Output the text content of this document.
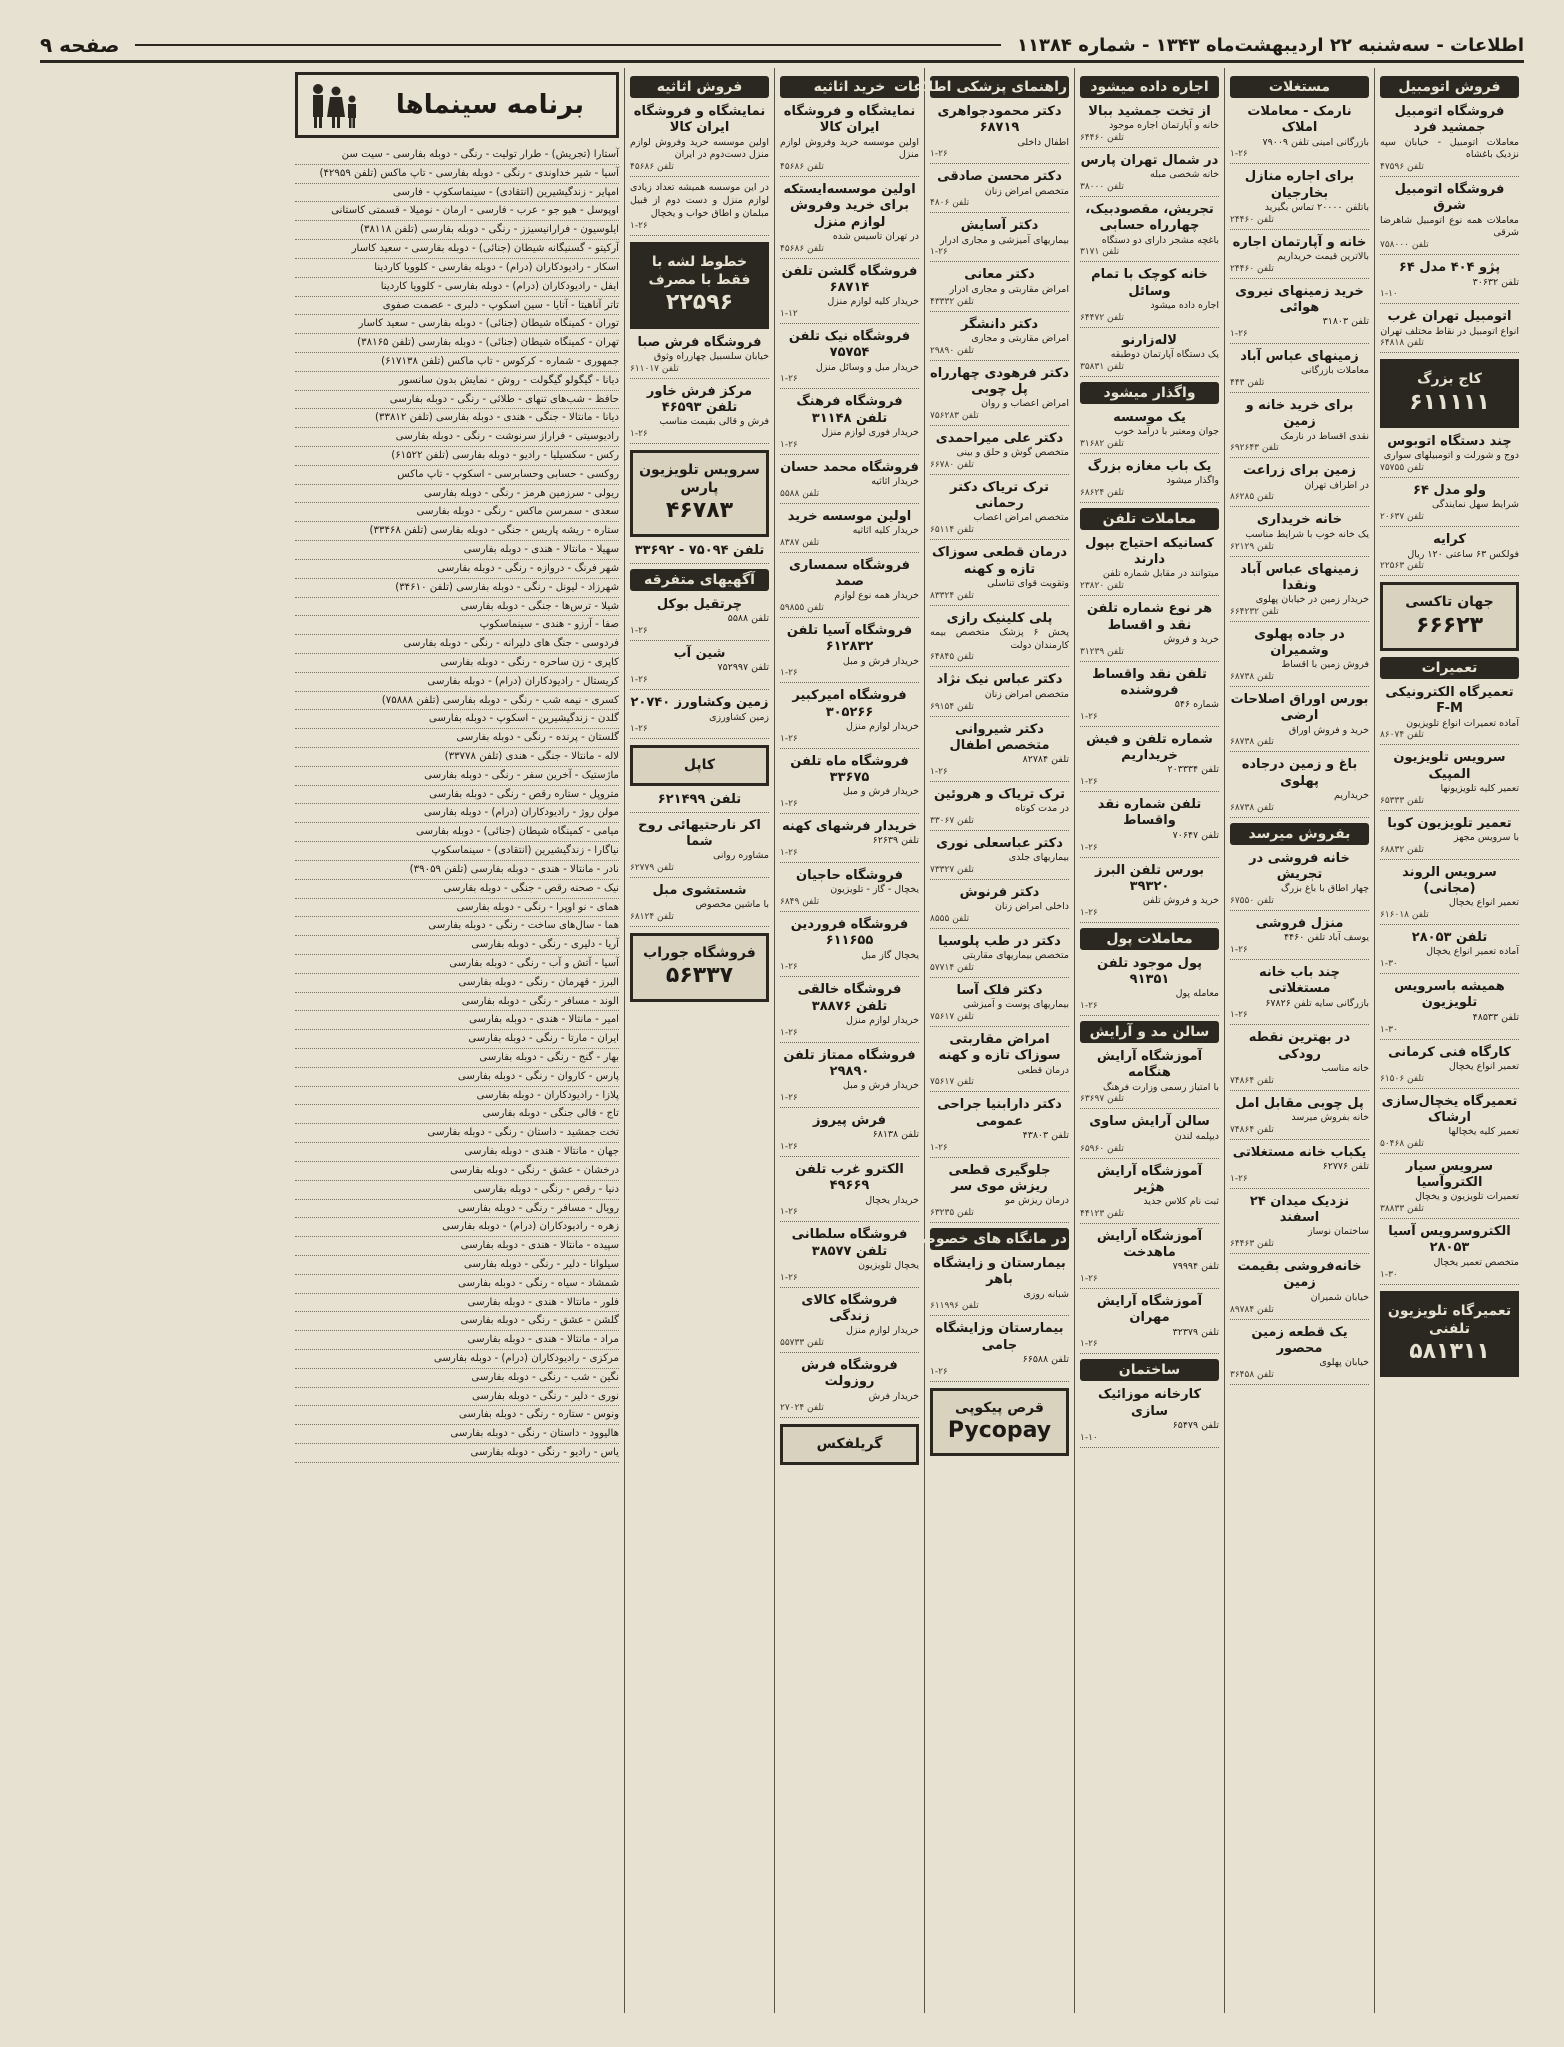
اطلاعات - سه‌شنبه ۲۲ اردیبهشت‌ماه ۱۳۴۳ - شماره ۱۱۳۸۴
صفحه ۹
فروش اتومبیل
فروشگاه اتومبیل جمشید فرد
معاملات اتومبیل - خیابان سپه نزدیک باغشاه
تلفن ۴۷۵۹۶
فروشگاه اتومبیل شرق
معاملات همه نوع اتومبیل شاهرضا شرقی
تلفن ۷۵۸۰۰۰
پژو ۴۰۴ مدل ۶۴
تلفن ۳۰۶۳۲
۱-۱۰
اتومبیل تهران غرب
انواع اتومبیل در نقاط مختلف تهران
تلفن ۶۴۸۱۸
کاج بزرگ
۶۱۱۱۱۱
چند دستگاه اتوبوس
دوج و شورلت و اتومبیلهای سواری
تلفن ۷۵۷۵۵
ولو مدل ۶۴
شرایط سهل نمایندگی
تلفن ۲۰۶۳۷
کرایه
فولکس ۶۳ ساعتی ۱۲۰ ریال
تلفن ۲۲۵۶۳
جهان تاکسی
۶۶۶۲۳
تعمیرات
تعمیرگاه الکترونیکی F-M
آماده تعمیرات انواع تلویزیون
تلفن ۸۶۰۷۴
سرویس تلویزیون المپیک
تعمیر کلیه تلویزیونها
تلفن ۶۵۳۳۳
تعمیر تلویزیون کوبا
با سرویس مجهز
تلفن ۶۸۸۳۲
سرویس الروند (مجانی)
تعمیر انواع یخچال
تلفن ۶۱۶۰۱۸
تلفن ۲۸۰۵۳
آماده تعمیر انواع یخچال
۱-۳۰
همیشه باسرویس تلویزیون
تلفن ۴۸۵۳۳
۱-۳۰
کارگاه فنی کرمانی
تعمیر انواع یخچال
تلفن ۶۱۵۰۶
تعمیرگاه یخچال‌سازی ارشاک
تعمیر کلیه یخچالها
تلفن ۵۰۴۶۸
سرویس سیار الکتروآسیا
تعمیرات تلویزیون و یخچال
تلفن ۳۸۸۳۳
الکتروسرویس آسیا ۲۸۰۵۳
متخصص تعمیر یخچال
۱-۳۰
تعمیرگاه تلویزیون تلفنی
۵۸۱۳۱۱
مستغلات
نارمک - معاملات املاک
بازرگانی امینی تلفن ۷۹۰۰۹
۱-۲۶
برای اجاره منازل بخارجیان
باتلفن ۲۰۰۰۰ تماس بگیرید
تلفن ۲۴۴۶۰
خانه و آپارتمان اجاره
بالاترین قیمت خریداریم
تلفن ۲۴۴۶۰
خرید زمینهای نیروی هوائی
تلفن ۳۱۸۰۳
۱-۲۶
زمینهای عباس آباد
معاملات بازرگانی
تلفن ۴۴۳
برای خرید خانه و زمین
نقدی اقساط در نارمک
تلفن ۶۹۲۶۴۳
زمین برای زراعت
در اطراف تهران
تلفن ۸۶۲۸۵
خانه خریداری
یک خانه خوب با شرایط مناسب
تلفن ۶۲۱۲۹
زمینهای عباس آباد ونقدا
خریدار زمین در خیابان پهلوی
تلفن ۶۶۴۲۳۲
در جاده پهلوی وشمیران
فروش زمین با اقساط
تلفن ۶۸۷۳۸
بورس اوراق اصلاحات ارضی
خرید و فروش اوراق
تلفن ۶۸۷۳۸
باغ و زمین درجاده پهلوی
خریداریم
تلفن ۶۸۷۳۸
بفروش میرسد
خانه فروشی در تجریش
چهار اطاق با باغ بزرگ
تلفن ۶۷۵۵۰
منزل فروشی
یوسف آباد تلفن ۴۴۶۰
۱-۲۶
چند باب خانه مستغلاتی
بازرگانی سایه تلفن ۶۷۸۲۶
۱-۲۶
در بهترین نقطه رودکی
خانه مناسب
تلفن ۷۴۸۶۴
پل چوبی مقابل امل
خانه بفروش میرسد
تلفن ۷۴۸۶۴
یکباب خانه مستغلاتی
تلفن ۶۲۷۷۶
۱-۲۶
نزدیک میدان ۲۴ اسفند
ساختمان نوساز
تلفن ۶۴۴۶۳
خانه‌فروشی بقیمت زمین
خیابان شمیران
تلفن ۸۹۷۸۴
یک قطعه زمین محصور
خیابان پهلوی
تلفن ۳۶۴۵۸
اجاره داده میشود
از تخت جمشید ببالا
خانه و آپارتمان اجاره موجود
تلفن ۶۴۴۶۰
در شمال تهران پارس
خانه شخصی مبله
تلفن ۳۸۰۰۰
تجریش، مقصودبیک، چهارراه حسابی
باغچه مشجر دارای دو دستگاه
تلفن ۳۱۷۱
خانه کوچک با تمام وسائل
اجاره داده میشود
تلفن ۶۴۴۷۲
لاله‌زارنو
یک دستگاه آپارتمان دوطبقه
تلفن ۳۵۸۳۱
واگذار میشود
یک موسسه
جوان ومعتبر با درآمد خوب
تلفن ۳۱۶۸۲
یک باب مغازه بزرگ
واگذار میشود
تلفن ۶۸۶۲۴
معاملات تلفن
کسانیکه احتیاج بپول دارند
میتوانند در مقابل شماره تلفن
تلفن ۲۳۸۲۰
هر نوع شماره تلفن نقد و اقساط
خرید و فروش
تلفن ۳۱۲۳۹
تلفن نقد واقساط فروشنده
شماره ۵۴۶
۱-۲۶
شماره تلفن و فیش خریداریم
تلفن ۲۰۳۳۳۴
۱-۲۶
تلفن شماره نقد واقساط
تلفن ۷۰۶۴۷
۱-۲۶
بورس تلفن البرز ۳۹۳۲۰
خرید و فروش تلفن
۱-۲۶
معاملات پول
پول موجود تلفن ۹۱۳۵۱
معامله پول
۱-۲۶
سالن مد و آرایش
آموزشگاه آرایش هنگامه
با امتیاز رسمی وزارت فرهنگ
تلفن ۶۳۶۹۷
سالن آرایش ساوی
دیپلمه لندن
تلفن ۶۵۹۶۰
آموزشگاه آرایش هژیر
ثبت نام کلاس جدید
تلفن ۴۴۱۲۳
آموزشگاه آرایش ماهدخت
تلفن ۷۹۹۹۴
۱-۲۶
آموزشگاه آرایش مهران
تلفن ۳۲۳۷۹
۱-۲۶
ساختمان
کارخانه موزائیک سازی
تلفن ۶۵۴۷۹
۱-۱۰
راهنمای پزشکی اطلاعات
دکتر محمودجواهری ۶۸۷۱۹
اطفال داخلی
۱-۲۶
دکتر محسن صادقی
متخصص امراض زنان
تلفن ۴۸۰۶
دکتر آسایش
بیماریهای آمیزشی و مجاری ادرار
۱-۲۶
دکتر معانی
امراض مقاربتی و مجاری ادرار
تلفن ۴۳۳۳۲
دکتر دانشگر
امراض مقاربتی و مجاری
تلفن ۲۹۸۹۰
دکتر فرهودی چهارراه پل چوبی
امراض اعصاب و روان
تلفن ۷۵۶۲۸۳
دکتر علی میراحمدی
متخصص گوش و حلق و بینی
تلفن ۶۶۷۸۰
ترک تریاک دکتر رحمانی
متخصص امراض اعصاب
تلفن ۶۵۱۱۴
درمان قطعی سوزاک تازه و کهنه
وتقویت قوای تناسلی
تلفن ۸۳۳۲۴
پلی کلینیک رازی
پخش ۶ پزشک متخصص بیمه کارمندان دولت
تلفن ۶۴۸۴۵
دکتر عباس نیک نژاد
متخصص امراض زنان
تلفن ۶۹۱۵۴
دکتر شیروانی متخصص اطفال
تلفن ۸۲۷۸۴
۱-۲۶
ترک تریاک و هروئین
در مدت کوتاه
تلفن ۳۳۰۶۷
دکتر عباسعلی نوری
بیماریهای جلدی
تلفن ۷۳۳۲۷
دکتر فرنوش
داخلی امراض زنان
تلفن ۸۵۵۵
دکتر در طب پلوسیا
متخصص بیماریهای مقاربتی
تلفن ۵۷۷۱۴
دکتر فلک آسا
بیماریهای پوست و آمیزشی
تلفن ۷۵۶۱۷
امراض مقاربتی سوزاک تازه و کهنه
درمان قطعی
تلفن ۷۵۶۱۷
دکتر دارابنیا جراحی عمومی
تلفن ۴۳۸۰۳
۱-۲۶
جلوگیری قطعی ریزش موی سر
درمان ریزش مو
تلفن ۶۳۲۳۵
در مانگاه های خصوصی
بیمارستان و زایشگاه باهر
شبانه روزی
تلفن ۶۱۱۹۹۶
بیمارستان وزایشگاه جامی
تلفن ۶۶۵۸۸
۱-۲۶
قرص پیکوپی
Pycopay
خرید اثاثیه
نمایشگاه و فروشگاه ایران کالا
اولین موسسه خرید وفروش لوازم منزل
تلفن ۴۵۶۸۶
اولین موسسه‌ایستکه برای خرید وفروش لوازم منزل
در تهران تاسیس شده
تلفن ۴۵۶۸۶
فروشگاه گلشن تلفن ۶۸۷۱۴
خریدار کلیه لوازم منزل
۱-۱۲
فروشگاه نیک تلفن ۷۵۷۵۴
خریدار مبل و وسائل منزل
۱-۲۶
فروشگاه فرهنگ تلفن ۳۱۱۴۸
خریدار فوری لوازم منزل
۱-۲۶
فروشگاه محمد حسان
خریدار اثاثیه
تلفن ۵۵۸۸
اولین موسسه خرید
خریدار کلیه اثاثیه
تلفن ۸۳۸۷
فروشگاه سمساری صمد
خریدار همه نوع لوازم
تلفن ۵۹۸۵۵
فروشگاه آسیا تلفن ۶۱۲۸۳۲
خریدار فرش و مبل
۱-۲۶
فروشگاه امیرکبیر ۳۰۵۲۶۶
خریدار لوازم منزل
۱-۲۶
فروشگاه ماه تلفن ۳۳۶۷۵
خریدار فرش و مبل
۱-۲۶
خریدار فرشهای کهنه
تلفن ۶۲۶۳۹
۱-۲۶
فروشگاه حاجیان
یخچال - گاز - تلویزیون
تلفن ۶۸۴۹
فروشگاه فروردین ۶۱۱۶۵۵
یخچال گاز مبل
۱-۲۶
فروشگاه خالقی تلفن ۳۸۸۷۶
خریدار لوازم منزل
۱-۲۶
فروشگاه ممتاز تلفن ۲۹۸۹۰
خریدار فرش و مبل
۱-۲۶
فرش پیروز
تلفن ۶۸۱۳۸
۱-۲۶
الکترو غرب تلفن ۴۹۶۶۹
خریدار یخچال
۱-۲۶
فروشگاه سلطانی تلفن ۳۸۵۷۷
یخچال تلویزیون
۱-۲۶
فروشگاه کالای زندگی
خریدار لوازم منزل
تلفن ۵۵۷۳۳
فروشگاه فرش روزولت
خریدار فرش
تلفن ۲۷۰۲۴
گریلفکس
فروش اثاثیه
نمایشگاه و فروشگاه ایران کالا
اولین موسسه خرید وفروش لوازم منزل دست‌دوم در ایران
تلفن ۴۵۶۸۶
در این موسسه همیشه تعداد زیادی لوازم منزل و دست دوم از قبیل مبلمان و اطاق خواب و یخچال
۱-۲۶
خطوط لشه با فقط با مصرف
۲۲۵۹۶
فروشگاه فرش صبا
خیابان سلسبیل چهارراه وثوق
تلفن ۶۱۱۰۱۷
مرکز فرش خاور تلفن ۴۶۵۹۳
فرش و قالی بقیمت مناسب
۱-۲۶
سرویس تلویزیون پارس
۴۶۷۸۳
تلفن ۷۵۰۹۴ - ۳۳۶۹۲
آگهیهای متفرقه
چرتقیل بوکل
تلفن ۵۵۸۸
۱-۲۶
شین آب
تلفن ۷۵۲۹۹۷
۱-۲۶
زمین وکشاورز ۲۰۷۴۰
زمین کشاورزی
۱-۲۶
کاپل
تلفن ۶۲۱۴۹۹
اکر نارحتیهائی روح شما
مشاوره روانی
تلفن ۶۲۷۷۹
شستشوی مبل
با ماشین مخصوص
تلفن ۶۸۱۲۴
فروشگاه جوراب
۵۶۳۳۷
برنامه سینماها
آستارا (تجریش) - طرار تولیت - رنگی - دوبله بفارسی - سیت سن
آسیا - شیر خداوندی - رنگی - دوبله بفارسی - تاپ ماکس (تلفن ۴۲۹۵۹)
امپایر - زندگیشیرین (انتقادی) - سینماسکوپ - فارسی
اوپوسل - هیو جو - عرب - فارسی - ارمان - نومیلا - قسمتی کاستانی
ایلوسیون - فرارانیسیزز - رنگی - دوبله بفارسی (تلفن ۳۸۱۱۸)
آرکیتو - گسنیگانه شیطان (جنائی) - دوبله بفارسی - سعید کاسار
اسکار - رادیودکاران (درام) - دوبله بفارسی - کلوویا کاردینا
ایفل - رادیودکاران (درام) - دوبله بفارسی - کلوویا کاردینا
تاتر آناهیتا - آتایا - سین اسکوپ - دلبری - عصمت صفوی
توران - کمینگاه شیطان (جنائی) - دوبله بفارسی - سعید کاسار
تهران - کمینگاه شیطان (جنائی) - دوبله بفارسی (تلفن ۳۸۱۶۵)
جمهوری - شماره - کرکوس - تاپ ماکس (تلفن ۶۱۷۱۳۸)
دیانا - گیگولو گیگولت - روش - نمایش بدون سانسور
حافظ - شب‌های تنهای - طلائی - رنگی - دوبله بفارسی
دیانا - مانتالا - جنگی - هندی - دوبله بفارسی (تلفن ۳۳۸۱۲)
رادیوسیتی - فراراز سرنوشت - رنگی - دوبله بفارسی
رکس - سکسیلیا - رادیو - دوبله بفارسی (تلفن ۶۱۵۲۲)
روکسی - حسابی وحسابرسی - اسکوپ - تاپ ماکس
ریولی - سرزمین هرمز - رنگی - دوبله بفارسی
سعدی - سمرسن ماکس - رنگی - دوبله بفارسی
ستاره - ریشه پاریس - جنگی - دوبله بفارسی (تلفن ۳۳۴۶۸)
سهیلا - مانتالا - هندی - دوبله بفارسی
شهر فرنگ - دروازه - رنگی - دوبله بفارسی
شهرزاد - لیونل - رنگی - دوبله بفارسی (تلفن ۳۴۶۱۰)
شیلا - ترس‌ها - جنگی - دوبله بفارسی
صفا - آرزو - هندی - سینماسکوپ
فردوسی - جنگ های دلیرانه - رنگی - دوبله بفارسی
کاپری - زن ساحره - رنگی - دوبله بفارسی
کریستال - رادیودکاران (درام) - دوبله بفارسی
کسری - نیمه شب - رنگی - دوبله بفارسی (تلفن ۷۵۸۸۸)
گلدن - زندگیشیرین - اسکوپ - دوبله بفارسی
گلستان - پرنده - رنگی - دوبله بفارسی
لاله - مانتالا - جنگی - هندی (تلفن ۳۳۷۷۸)
ماژستیک - آخرین سفر - رنگی - دوبله بفارسی
متروپل - ستاره رقص - رنگی - دوبله بفارسی
مولن روژ - رادیودکاران (درام) - دوبله بفارسی
میامی - کمینگاه شیطان (جنائی) - دوبله بفارسی
نیاگارا - زندگیشیرین (انتقادی) - سینماسکوپ
نادر - مانتالا - هندی - دوبله بفارسی (تلفن ۳۹۰۵۹)
نیک - صحنه رقص - جنگی - دوبله بفارسی
همای - نو اوپرا - رنگی - دوبله بفارسی
هما - سال‌های ساخت - رنگی - دوبله بفارسی
آریا - دلیری - رنگی - دوبله بفارسی
آسیا - آتش و آب - رنگی - دوبله بفارسی
البرز - قهرمان - رنگی - دوبله بفارسی
الوند - مسافر - رنگی - دوبله بفارسی
امیر - مانتالا - هندی - دوبله بفارسی
ایران - مارتا - رنگی - دوبله بفارسی
بهار - گنج - رنگی - دوبله بفارسی
پارس - کاروان - رنگی - دوبله بفارسی
پلازا - رادیودکاران - دوبله بفارسی
تاج - فالی جنگی - دوبله بفارسی
تخت جمشید - داستان - رنگی - دوبله بفارسی
جهان - مانتالا - هندی - دوبله بفارسی
درخشان - عشق - رنگی - دوبله بفارسی
دنیا - رقص - رنگی - دوبله بفارسی
رویال - مسافر - رنگی - دوبله بفارسی
زهره - رادیودکاران (درام) - دوبله بفارسی
سپیده - مانتالا - هندی - دوبله بفارسی
سیلوانا - دلیر - رنگی - دوبله بفارسی
شمشاد - سیاه - رنگی - دوبله بفارسی
فلور - مانتالا - هندی - دوبله بفارسی
گلشن - عشق - رنگی - دوبله بفارسی
مراد - مانتالا - هندی - دوبله بفارسی
مرکزی - رادیودکاران (درام) - دوبله بفارسی
نگین - شب - رنگی - دوبله بفارسی
نوری - دلیر - رنگی - دوبله بفارسی
ونوس - ستاره - رنگی - دوبله بفارسی
هالیوود - داستان - رنگی - دوبله بفارسی
یاس - رادیو - رنگی - دوبله بفارسی
